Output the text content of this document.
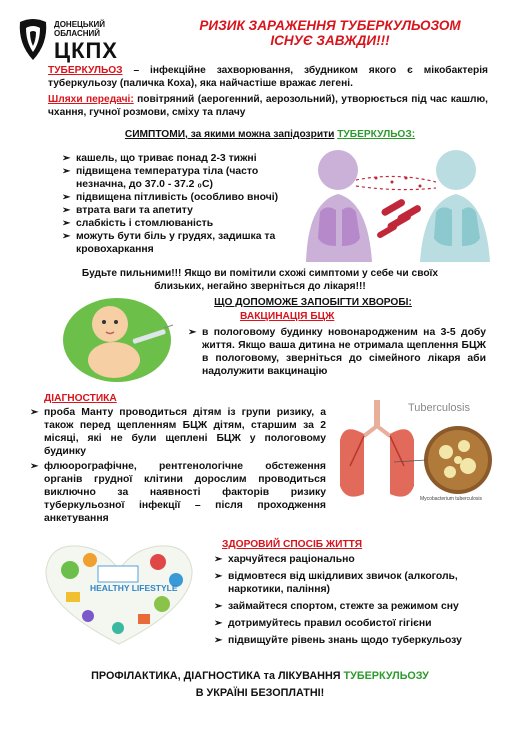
ДОНЕЦЬКИЙ
ОБЛАСНИЙ
ЦКПХ
РИЗИК ЗАРАЖЕННЯ ТУБЕРКУЛЬОЗОМ
ІСНУЄ ЗАВЖДИ!!!
ТУБЕРКУЛЬОЗ – інфекційне захворювання, збудником якого є мікобактерія туберкульозу (паличка Коха), яка найчастіше вражає легені.
Шляхи передачі: повітряний (аерогенний, аерозольний), утворюється під час кашлю, чхання, гучної розмови, сміху та плачу
СИМПТОМИ, за якими можна запідозрити ТУБЕРКУЛЬОЗ:
➢ кашель, що триває понад 2-3 тижні
➢ підвищена температура тіла (часто незначна, до 37.0 - 37.2 ₀С)
➢ підвищена пітливість (особливо вночі)
➢ втрата ваги та апетиту
➢ слабкість і стомлюваність
➢ можуть бути біль у грудях, задишка та кровохаркання
Будьте пильними!!! Якщо ви помітили схожі симптоми у себе чи своїх близьких, негайно зверніться до лікаря!!!
ЩО ДОПОМОЖЕ ЗАПОБІГТИ ХВОРОБІ:
ВАКЦИНАЦІЯ БЦЖ
➢ в пологовому будинку новонародженим на 3-5 добу життя. Якщо ваша дитина не отримала щеплення БЦЖ в пологовому, зверніться до сімейного лікаря аби надолужити вакцинацію
ДІАГНОСТИКА
➢ проба Манту проводиться дітям із групи ризику, а також перед щепленням БЦЖ дітям, старшим за 2 місяці, які не були щеплені БЦЖ у пологовому будинку
➢ флюорографічне, рентгенологічне обстеження органів грудної клітини дорослим проводиться виключно за наявності факторів ризику туберкульозної інфекції – після проходження анкетування
Tuberculosis
Mycobacterium tuberculosis
HEALTHY LIFESTYLE
ЗДОРОВИЙ СПОСІБ ЖИТТЯ
➢ харчуйтеся раціонально
➢ відмовтеся від шкідливих звичок (алкоголь, наркотики, паління)
➢ займайтеся спортом, стежте за режимом сну
➢ дотримуйтесь правил особистої гігієни
➢ підвищуйте рівень знань щодо туберкульозу
ПРОФІЛАКТИКА, ДІАГНОСТИКА та ЛІКУВАННЯ ТУБЕРКУЛЬОЗУ
В УКРАЇНІ БЕЗОПЛАТНІ!
